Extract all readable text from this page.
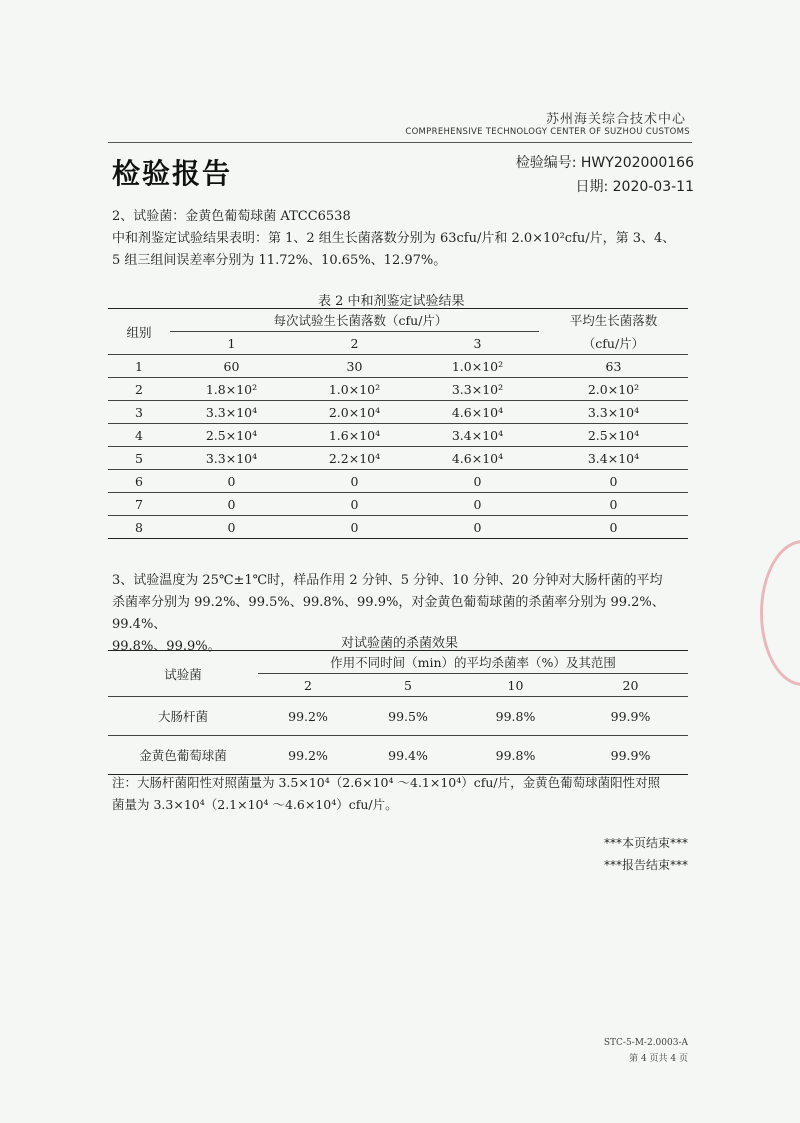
苏州海关综合技术中心
COMPREHENSIVE TECHNOLOGY CENTER OF SUZHOU CUSTOMS
检验报告	检验编号: HWY202000166
日期: 2020-03-11
2、试验菌：金黄色葡萄球菌 ATCC6538
中和剂鉴定试验结果表明：第 1、2 组生长菌落数分别为 63cfu/片和 2.0×10²cfu/片，第 3、4、
5 组三组间误差率分别为 11.72%、10.65%、12.97%。
表 2 中和剂鉴定试验结果
组别	每次试验生长菌落数（cfu/片）			平均生长菌落数
	1	2	3	（cfu/片）
1	60	30	1.0×10²	63
2	1.8×10²	1.0×10²	3.3×10²	2.0×10²
3	3.3×10⁴	2.0×10⁴	4.6×10⁴	3.3×10⁴
4	2.5×10⁴	1.6×10⁴	3.4×10⁴	2.5×10⁴
5	3.3×10⁴	2.2×10⁴	4.6×10⁴	3.4×10⁴
6	0	0	0	0
7	0	0	0	0
8	0	0	0	0
3、试验温度为 25℃±1℃时，样品作用 2 分钟、5 分钟、10 分钟、20 分钟对大肠杆菌的平均
杀菌率分别为 99.2%、99.5%、99.8%、99.9%，对金黄色葡萄球菌的杀菌率分别为 99.2%、99.4%、
99.8%、99.9%。	对试验菌的杀菌效果
试验菌	作用不同时间（min）的平均杀菌率（%）及其范围			
	2	5	10	20
大肠杆菌	99.2%	99.5%	99.8%	99.9%
金黄色葡萄球菌	99.2%	99.4%	99.8%	99.9%
注：大肠杆菌阳性对照菌量为 3.5×10⁴（2.6×10⁴ ～4.1×10⁴）cfu/片，金黄色葡萄球菌阳性对照
菌量为 3.3×10⁴（2.1×10⁴ ～4.6×10⁴）cfu/片。
***本页结束***
***报告结束***
STC-5-M-2.0003-A
第 4 页共 4 页
